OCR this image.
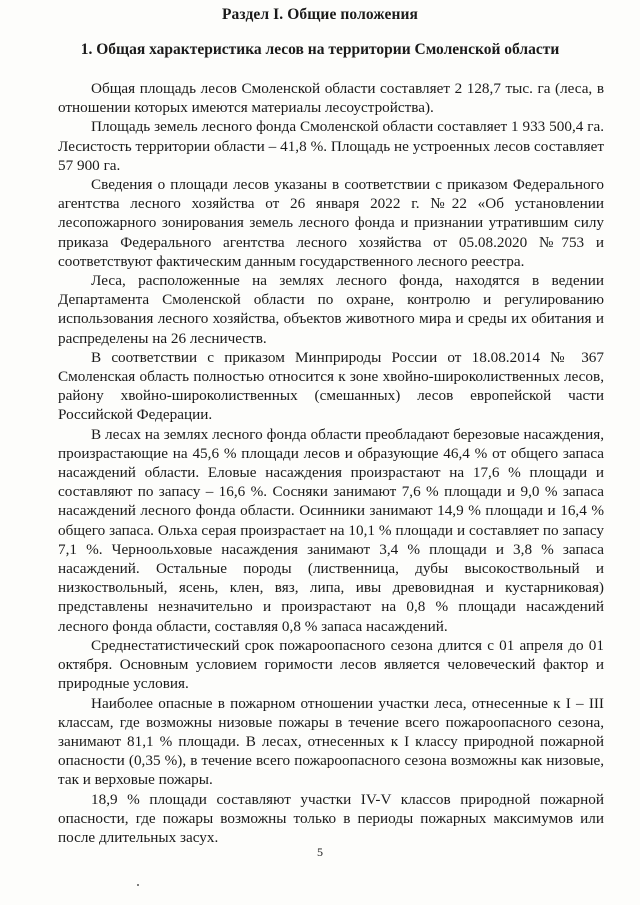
Раздел I. Общие положения
1. Общая характеристика лесов на территории Смоленской области

Общая площадь лесов Смоленской области составляет 2 128,7 тыс. га (леса, в отношении которых имеются материалы лесоустройства).

Площадь земель лесного фонда Смоленской области составляет 1 933 500,4 га. Лесистость территории области – 41,8 %. Площадь не устроенных лесов составляет 57 900 га.

Сведения о площади лесов указаны в соответствии с приказом Федерального агентства лесного хозяйства от 26 января 2022 г. №22 «Об установлении лесопожарного зонирования земель лесного фонда и признании утратившим силу приказа Федерального агентства лесного хозяйства от 05.08.2020 №753 и соответствуют фактическим данным государственного лесного реестра.

Леса, расположенные на землях лесного фонда, находятся в ведении Департамента Смоленской области по охране, контролю и регулированию использования лесного хозяйства, объектов животного мира и среды их обитания и распределены на 26 лесничеств.

В соответствии с приказом Минприроды России от 18.08.2014 № 367 Смоленская область полностью относится к зоне хвойно-широколиственных лесов, району хвойно-широколиственных (смешанных) лесов европейской части Российской Федерации.

В лесах на землях лесного фонда области преобладают березовые насаждения, произрастающие на 45,6 % площади лесов и образующие 46,4 % от общего запаса насаждений области. Еловые насаждения произрастают на 17,6 % площади и составляют по запасу – 16,6 %. Сосняки занимают 7,6 % площади и 9,0 % запаса насаждений лесного фонда области. Осинники занимают 14,9 % площади и 16,4 % общего запаса. Ольха серая произрастает на 10,1 % площади и составляет по запасу 7,1 %. Черноольховые насаждения занимают 3,4 % площади и 3,8 % запаса насаждений. Остальные породы (лиственница, дубы высокоствольный и низкоствольный, ясень, клен, вяз, липа, ивы древовидная и кустарниковая) представлены незначительно и произрастают на 0,8 % площади насаждений лесного фонда области, составляя 0,8 % запаса насаждений.

Среднестатистический срок пожароопасного сезона длится с 01 апреля до 01 октября. Основным условием горимости лесов является человеческий фактор и природные условия.

Наиболее опасные в пожарном отношении участки леса, отнесенные к I – III классам, где возможны низовые пожары в течение всего пожароопасного сезона, занимают 81,1 % площади. В лесах, отнесенных к I классу природной пожарной опасности (0,35 %), в течение всего пожароопасного сезона возможны как низовые, так и верховые пожары.

18,9 % площади составляют участки IV-V классов природной пожарной опасности, где пожары возможны только в периоды пожарных максимумов или после длительных засух.

5
